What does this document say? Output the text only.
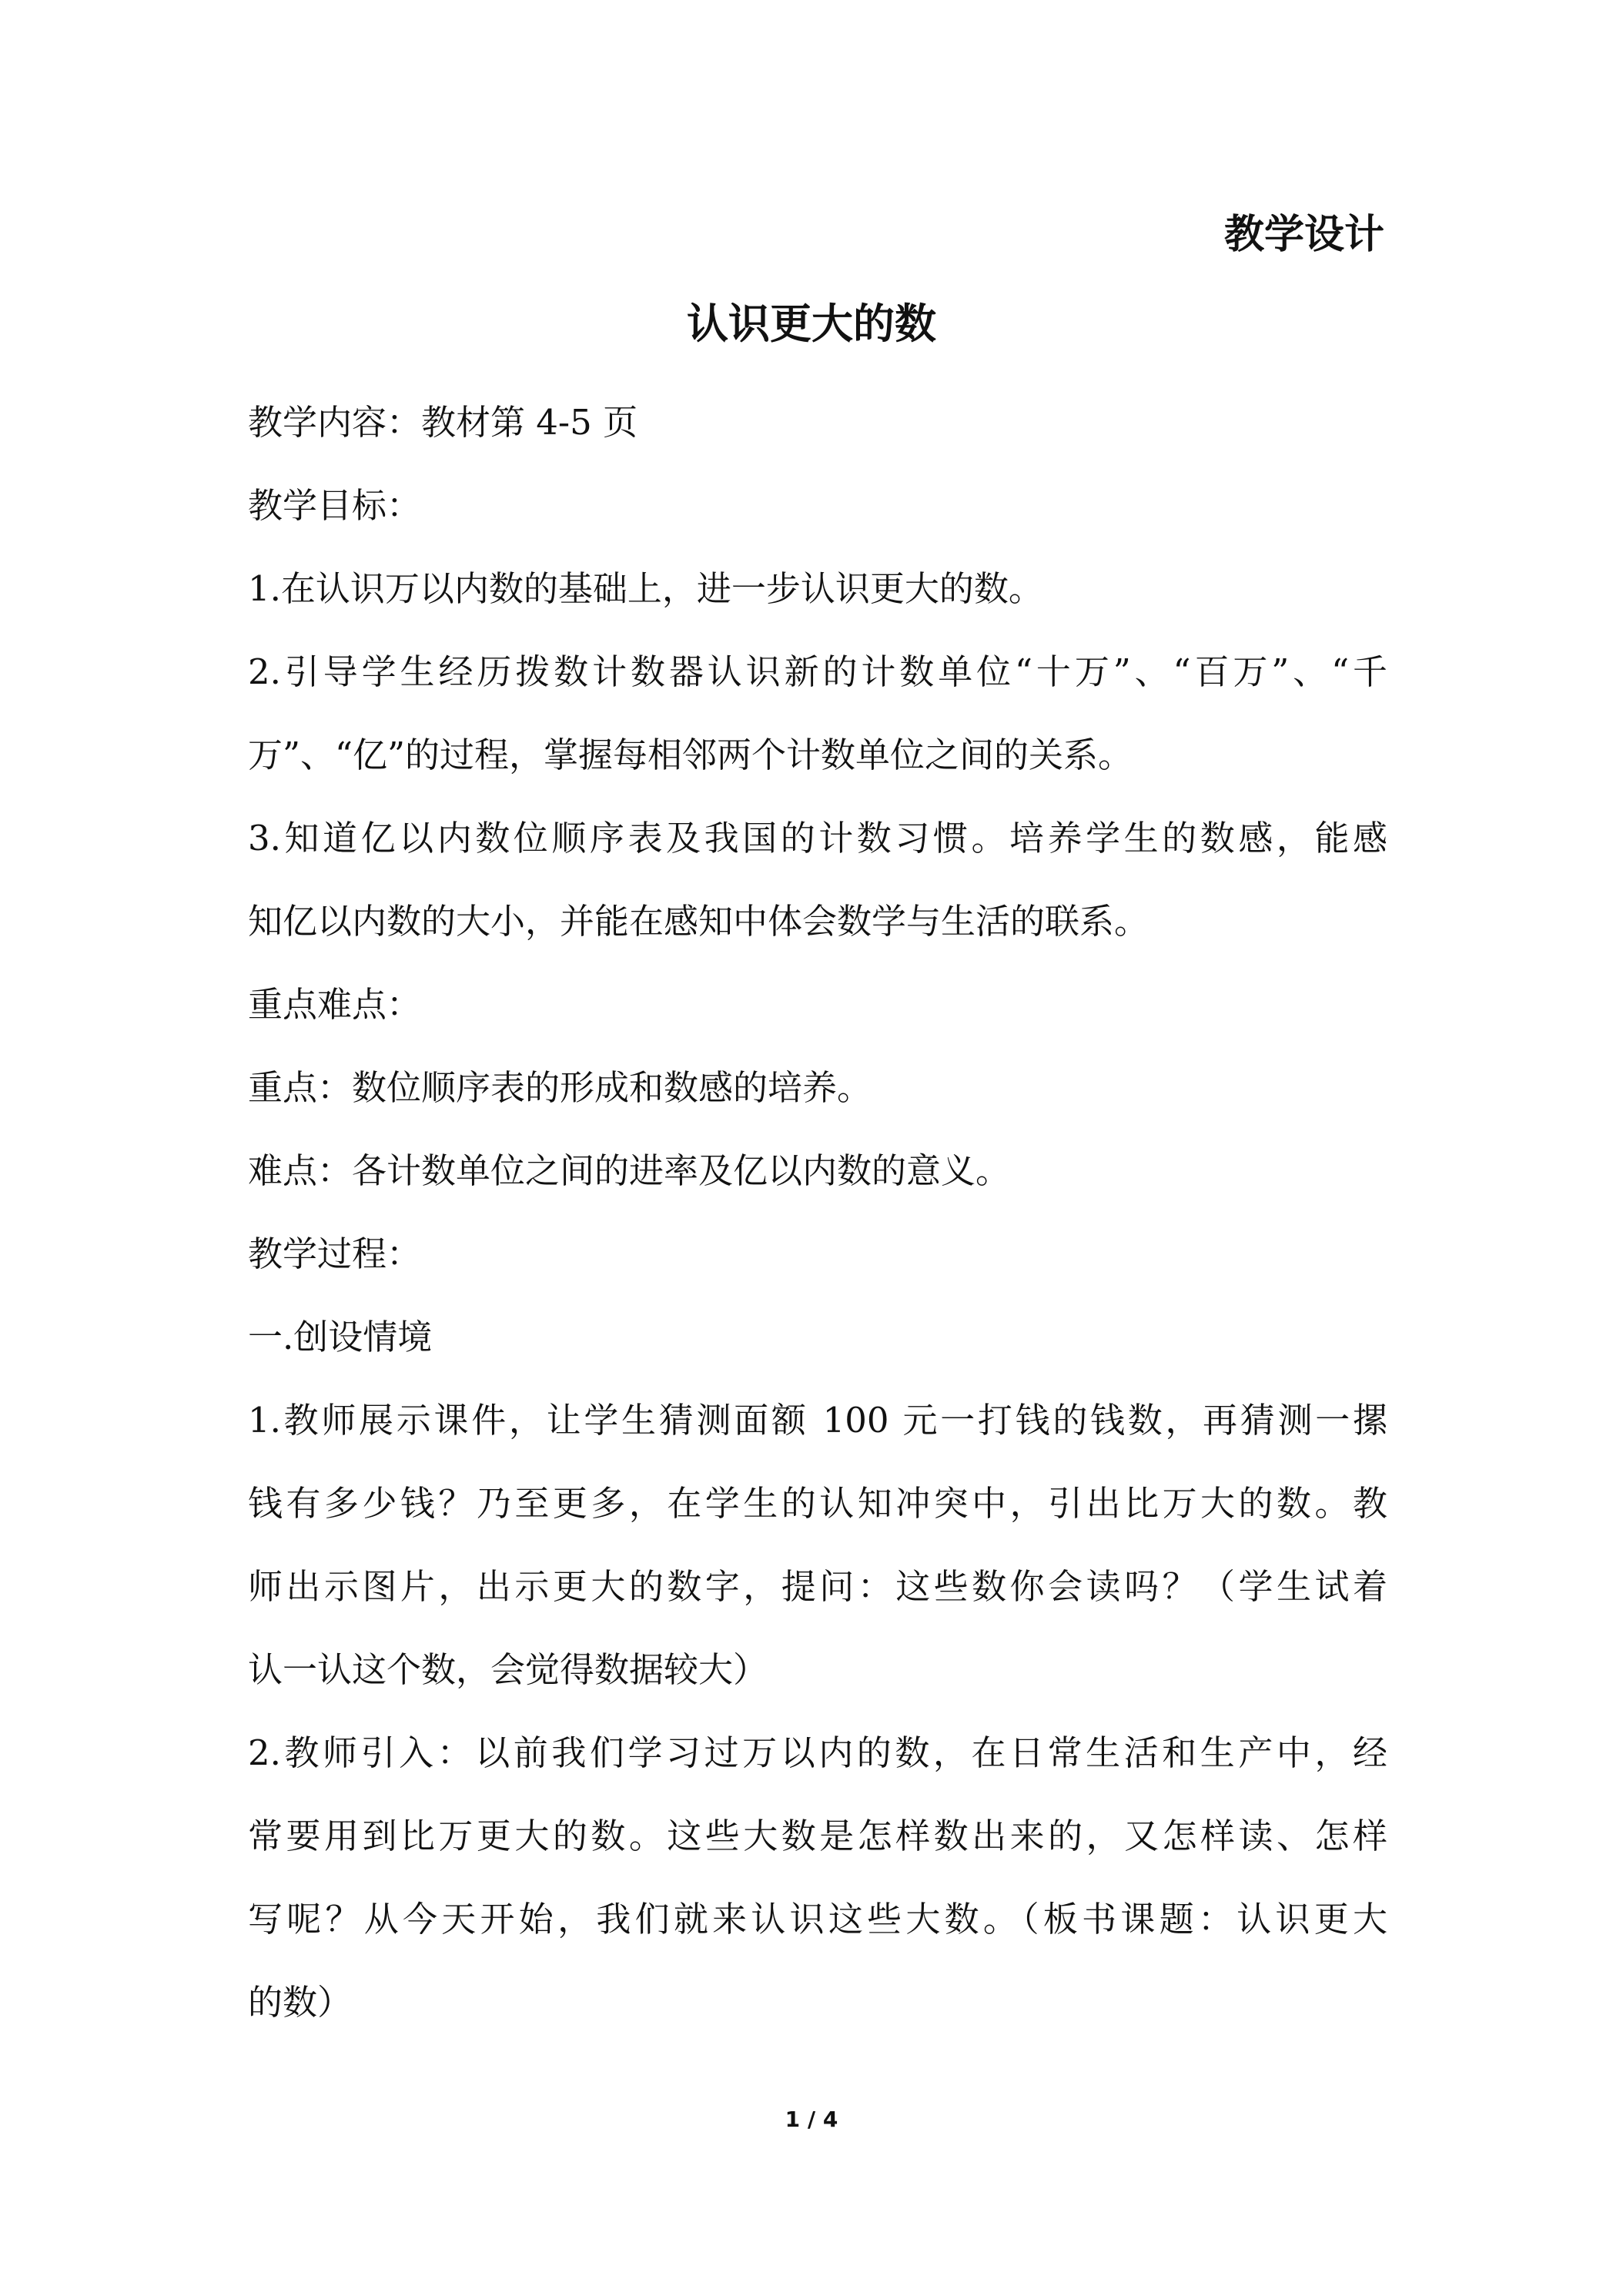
教学设计
认识更大的数

教学内容：教材第 4-5 页

教学目标：

1.在认识万以内数的基础上，进一步认识更大的数。

2.引导学生经历拨数计数器认识新的计数单位“十万”、“百万”、“千
万”、“亿”的过程，掌握每相邻两个计数单位之间的关系。

3.知道亿以内数位顺序表及我国的计数习惯。培养学生的数感，能感
知亿以内数的大小，并能在感知中体会数学与生活的联系。

重点难点：

重点：数位顺序表的形成和数感的培养。

难点：各计数单位之间的进率及亿以内数的意义。

教学过程：

一.创设情境

1.教师展示课件，让学生猜测面额 100 元一打钱的钱数，再猜测一摞
钱有多少钱？乃至更多，在学生的认知冲突中，引出比万大的数。教
师出示图片，出示更大的数字，提问：这些数你会读吗？（学生试着
认一认这个数，会觉得数据较大）

2.教师引入：以前我们学习过万以内的数，在日常生活和生产中，经
常要用到比万更大的数。这些大数是怎样数出来的，又怎样读、怎样
写呢？从今天开始，我们就来认识这些大数。（板书课题：认识更大
的数）

1 / 4
